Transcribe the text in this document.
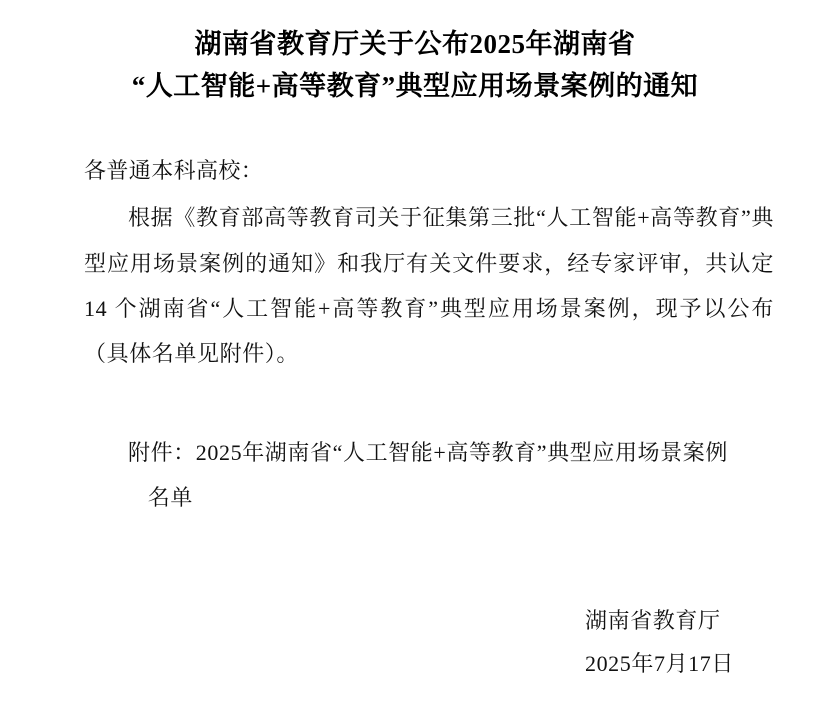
湖南省教育厅关于公布2025年湖南省
“人工智能+高等教育”典型应用场景案例的通知

各普通本科高校：

根据《教育部高等教育司关于征集第三批“人工智能+高等教育”典型应用场景案例的通知》和我厅有关文件要求，经专家评审，共认定 14 个湖南省“人工智能+高等教育”典型应用场景案例，现予以公布（具体名单见附件）。

附件：2025年湖南省“人工智能+高等教育”典型应用场景案例

名单

湖南省教育厅
2025年7月17日
